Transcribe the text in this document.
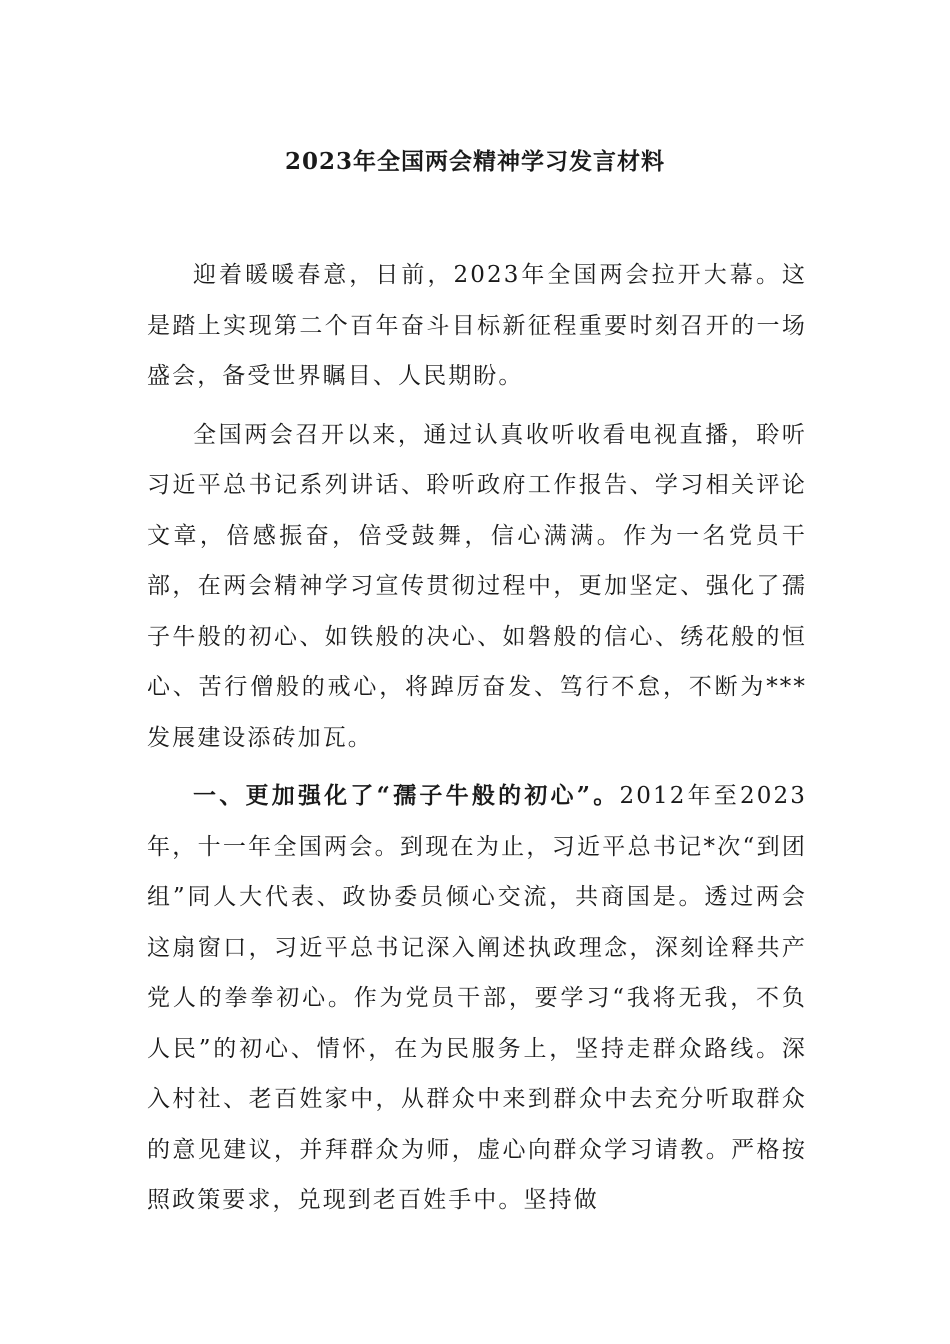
2023年全国两会精神学习发言材料

迎着暖暖春意，日前，2023年全国两会拉开大幕。这是踏上实现第二个百年奋斗目标新征程重要时刻召开的一场盛会，备受世界瞩目、人民期盼。

全国两会召开以来，通过认真收听收看电视直播，聆听习近平总书记系列讲话、聆听政府工作报告、学习相关评论文章，倍感振奋，倍受鼓舞，信心满满。作为一名党员干部，在两会精神学习宣传贯彻过程中，更加坚定、强化了孺子牛般的初心、如铁般的决心、如磐般的信心、绣花般的恒心、苦行僧般的戒心，将踔厉奋发、笃行不怠，不断为***发展建设添砖加瓦。

一、更加强化了“孺子牛般的初心”。2012年至2023年，十一年全国两会。到现在为止，习近平总书记*次“到团组”同人大代表、政协委员倾心交流，共商国是。透过两会这扇窗口，习近平总书记深入阐述执政理念，深刻诠释共产党人的拳拳初心。作为党员干部，要学习“我将无我，不负人民”的初心、情怀，在为民服务上，坚持走群众路线。深入村社、老百姓家中，从群众中来到群众中去充分听取群众的意见建议，并拜群众为师，虚心向群众学习请教。严格按照政策要求，兑现到老百姓手中。坚持做
